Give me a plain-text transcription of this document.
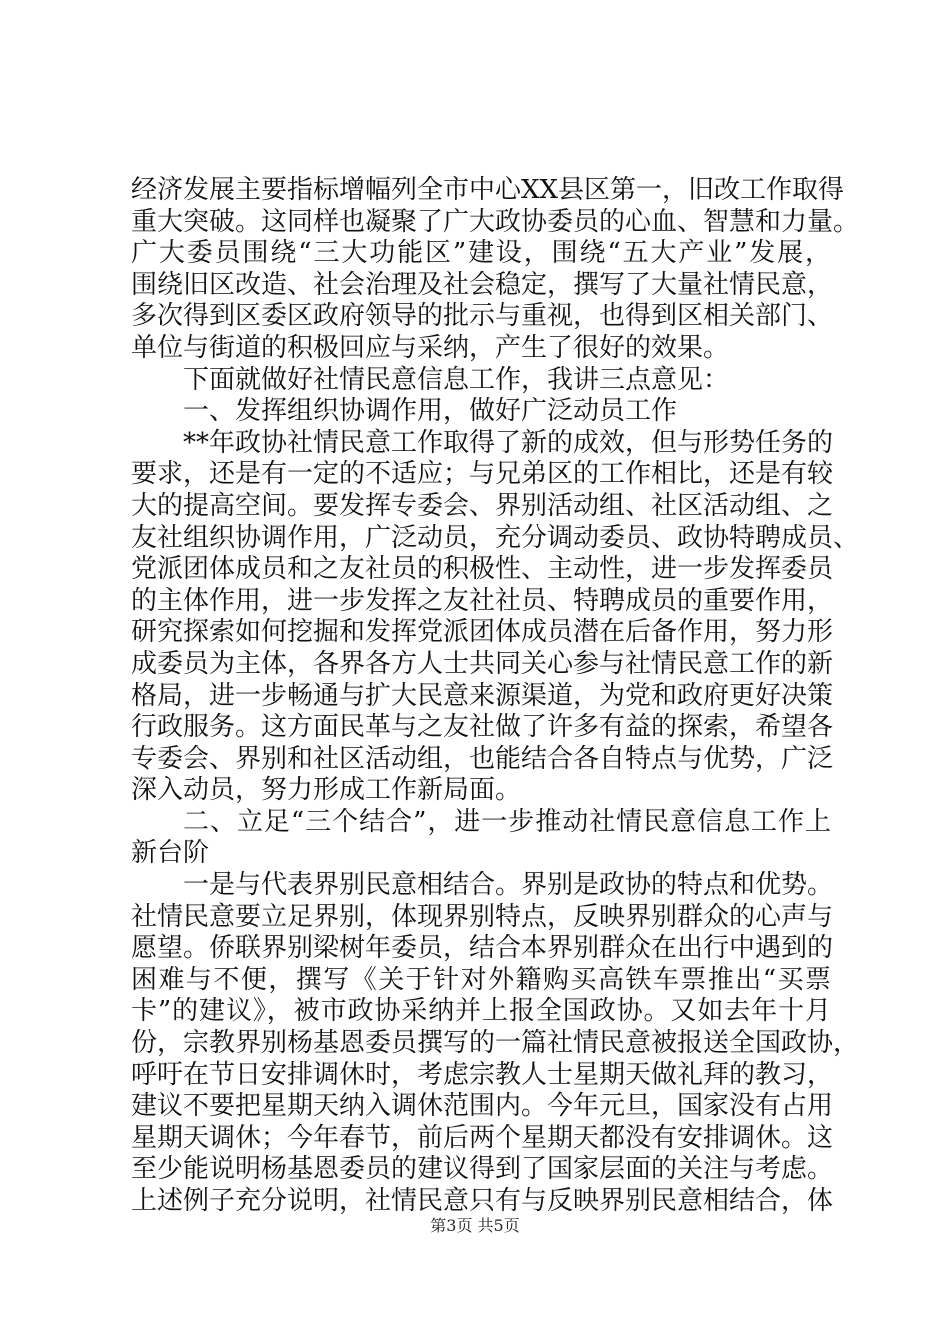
经济发展主要指标增幅列全市中心XX县区第一，旧改工作取得
重大突破。这同样也凝聚了广大政协委员的心血、智慧和力量。
广大委员围绕“三大功能区”建设，围绕“五大产业”发展，
围绕旧区改造、社会治理及社会稳定，撰写了大量社情民意，
多次得到区委区政府领导的批示与重视，也得到区相关部门、
单位与街道的积极回应与采纳，产生了很好的效果。
下面就做好社情民意信息工作，我讲三点意见：
一、发挥组织协调作用，做好广泛动员工作
**年政协社情民意工作取得了新的成效，但与形势任务的
要求，还是有一定的不适应；与兄弟区的工作相比，还是有较
大的提高空间。要发挥专委会、界别活动组、社区活动组、之
友社组织协调作用，广泛动员，充分调动委员、政协特聘成员、
党派团体成员和之友社员的积极性、主动性，进一步发挥委员
的主体作用，进一步发挥之友社社员、特聘成员的重要作用，
研究探索如何挖掘和发挥党派团体成员潜在后备作用，努力形
成委员为主体，各界各方人士共同关心参与社情民意工作的新
格局，进一步畅通与扩大民意来源渠道，为党和政府更好决策
行政服务。这方面民革与之友社做了许多有益的探索，希望各
专委会、界别和社区活动组，也能结合各自特点与优势，广泛
深入动员，努力形成工作新局面。
二、立足“三个结合”，进一步推动社情民意信息工作上
新台阶
一是与代表界别民意相结合。界别是政协的特点和优势。
社情民意要立足界别，体现界别特点，反映界别群众的心声与
愿望。侨联界别梁树年委员，结合本界别群众在出行中遇到的
困难与不便，撰写《关于针对外籍购买高铁车票推出“买票
卡”的建议》，被市政协采纳并上报全国政协。又如去年十月
份，宗教界别杨基恩委员撰写的一篇社情民意被报送全国政协，
呼吁在节日安排调休时，考虑宗教人士星期天做礼拜的教习，
建议不要把星期天纳入调休范围内。今年元旦，国家没有占用
星期天调休；今年春节，前后两个星期天都没有安排调休。这
至少能说明杨基恩委员的建议得到了国家层面的关注与考虑。
上述例子充分说明，社情民意只有与反映界别民意相结合，体
第3页 共5页
